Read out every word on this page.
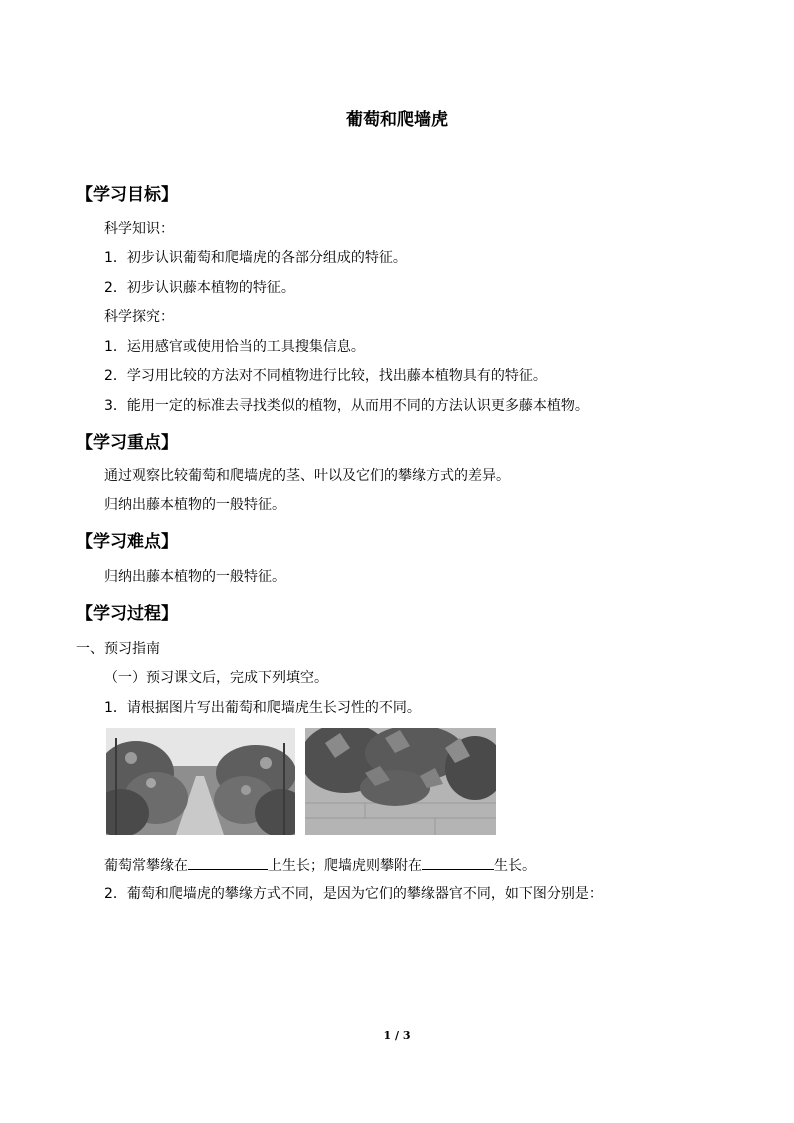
葡萄和爬墙虎
【学习目标】
科学知识：
1．初步认识葡萄和爬墙虎的各部分组成的特征。
2．初步认识藤本植物的特征。
科学探究：
1．运用感官或使用恰当的工具搜集信息。
2．学习用比较的方法对不同植物进行比较，找出藤本植物具有的特征。
3．能用一定的标准去寻找类似的植物，从而用不同的方法认识更多藤本植物。
【学习重点】
通过观察比较葡萄和爬墙虎的茎、叶以及它们的攀缘方式的差异。
归纳出藤本植物的一般特征。
【学习难点】
归纳出藤本植物的一般特征。
【学习过程】
一、预习指南
（一）预习课文后，完成下列填空。
1．请根据图片写出葡萄和爬墙虎生长习性的不同。
葡萄常攀缘在	上生长；爬墙虎则攀附在	生长。
2．葡萄和爬墙虎的攀缘方式不同，是因为它们的攀缘器官不同，如下图分别是：
1 / 3
